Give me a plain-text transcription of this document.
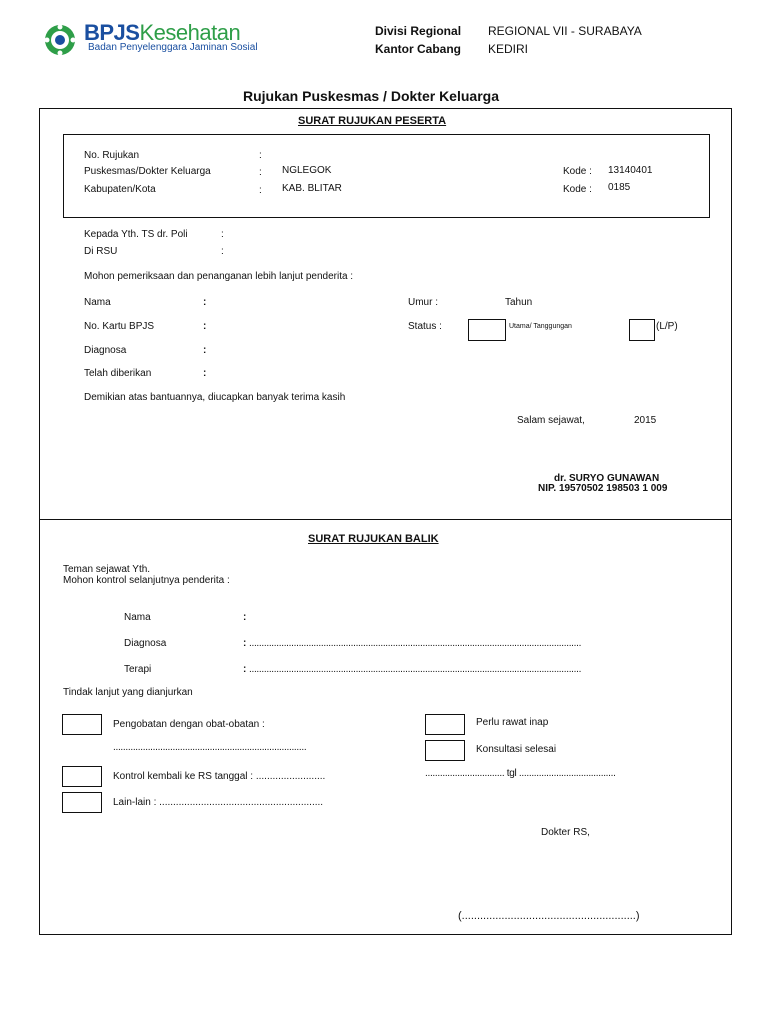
BPJSKesehatan
Badan Penyelenggara Jaminan Sosial
Divisi Regional REGIONAL VII - SURABAYA
Kantor Cabang KEDIRI
Rujukan Puskesmas / Dokter Keluarga
SURAT RUJUKAN PESERTA
No. Rujukan	:
Puskesmas/Dokter Keluarga	: NGLEGOK	Kode : 13140401
Kabupaten/Kota	: KAB. BLITAR	Kode : 0185
Kepada Yth. TS dr. Poli	:
Di RSU	:
Mohon pemeriksaan dan penanganan lebih lanjut penderita :
Nama	:	Umur :	Tahun
No. Kartu BPJS	:	Status :	Utama/ Tanggungan	(L/P)
Diagnosa	:
Telah diberikan	:
Demikian atas bantuannya, diucapkan banyak terima kasih
Salam sejawat,	2015
dr. SURYO GUNAWAN
NIP. 19570502 198503 1 009
SURAT RUJUKAN BALIK
Teman sejawat Yth.
Mohon kontrol selanjutnya penderita :
Nama	:
Diagnosa	: ......................................................................................................................................
Terapi	: ......................................................................................................................................
Tindak lanjut yang dianjurkan
Pengobatan dengan obat-obatan :
..............................................................................
Kontrol kembali ke RS tanggal : .........................
Lain-lain : ...........................................................
Perlu rawat inap
Konsultasi selesai
................................ tgl .......................................
Dokter RS,
(.........................................................)
